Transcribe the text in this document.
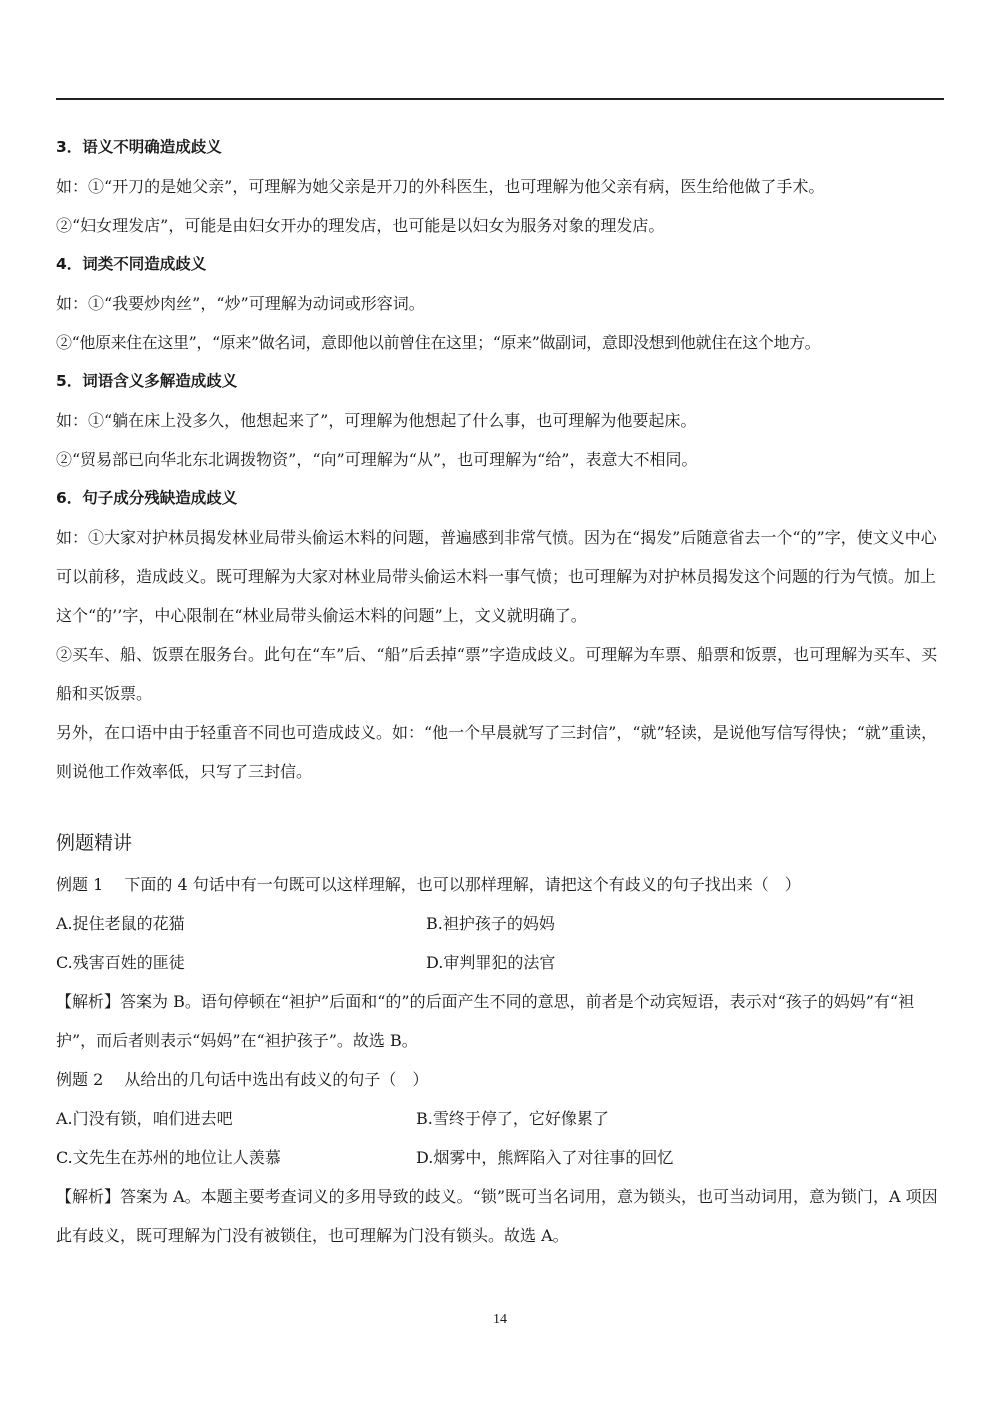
3．语义不明确造成歧义
如：①“开刀的是她父亲”，可理解为她父亲是开刀的外科医生，也可理解为他父亲有病，医生给他做了手术。
②“妇女理发店”，可能是由妇女开办的理发店，也可能是以妇女为服务对象的理发店。
4．词类不同造成歧义
如：①“我要炒肉丝”，“炒”可理解为动词或形容词。
②“他原来住在这里”，“原来”做名词，意即他以前曾住在这里；“原来”做副词，意即没想到他就住在这个地方。
5．词语含义多解造成歧义
如：①“躺在床上没多久，他想起来了”，可理解为他想起了什么事，也可理解为他要起床。
②“贸易部已向华北东北调拨物资”，“向”可理解为“从”，也可理解为“给”，表意大不相同。
6．句子成分残缺造成歧义
如：①大家对护林员揭发林业局带头偷运木料的问题，普遍感到非常气愤。因为在“揭发”后随意省去一个“的”字，使文义中心可以前移，造成歧义。既可理解为大家对林业局带头偷运木料一事气愤；也可理解为对护林员揭发这个问题的行为气愤。加上这个“的’’字，中心限制在“林业局带头偷运木料的问题”上，文义就明确了。
②买车、船、饭票在服务台。此句在“车”后、“船”后丢掉“票”字造成歧义。可理解为车票、船票和饭票，也可理解为买车、买船和买饭票。
另外，在口语中由于轻重音不同也可造成歧义。如：“他一个早晨就写了三封信”，“就”轻读，是说他写信写得快；“就”重读，则说他工作效率低，只写了三封信。
例题精讲
例题 1　 下面的 4 句话中有一句既可以这样理解，也可以那样理解，请把这个有歧义的句子找出来（　）
A.捉住老鼠的花猫	B.袒护孩子的妈妈
C.残害百姓的匪徒	D.审判罪犯的法官
【解析】答案为 B。语句停顿在“袒护”后面和“的”的后面产生不同的意思，前者是个动宾短语，表示对“孩子的妈妈”有“袒护”，而后者则表示“妈妈”在“袒护孩子”。故选 B。
例题 2　 从给出的几句话中选出有歧义的句子（　）
A.门没有锁，咱们进去吧	B.雪终于停了，它好像累了
C.文先生在苏州的地位让人羡慕	D.烟雾中，熊辉陷入了对往事的回忆
【解析】答案为 A。本题主要考查词义的多用导致的歧义。“锁”既可当名词用，意为锁头，也可当动词用，意为锁门，A 项因此有歧义，既可理解为门没有被锁住，也可理解为门没有锁头。故选 A。
14
